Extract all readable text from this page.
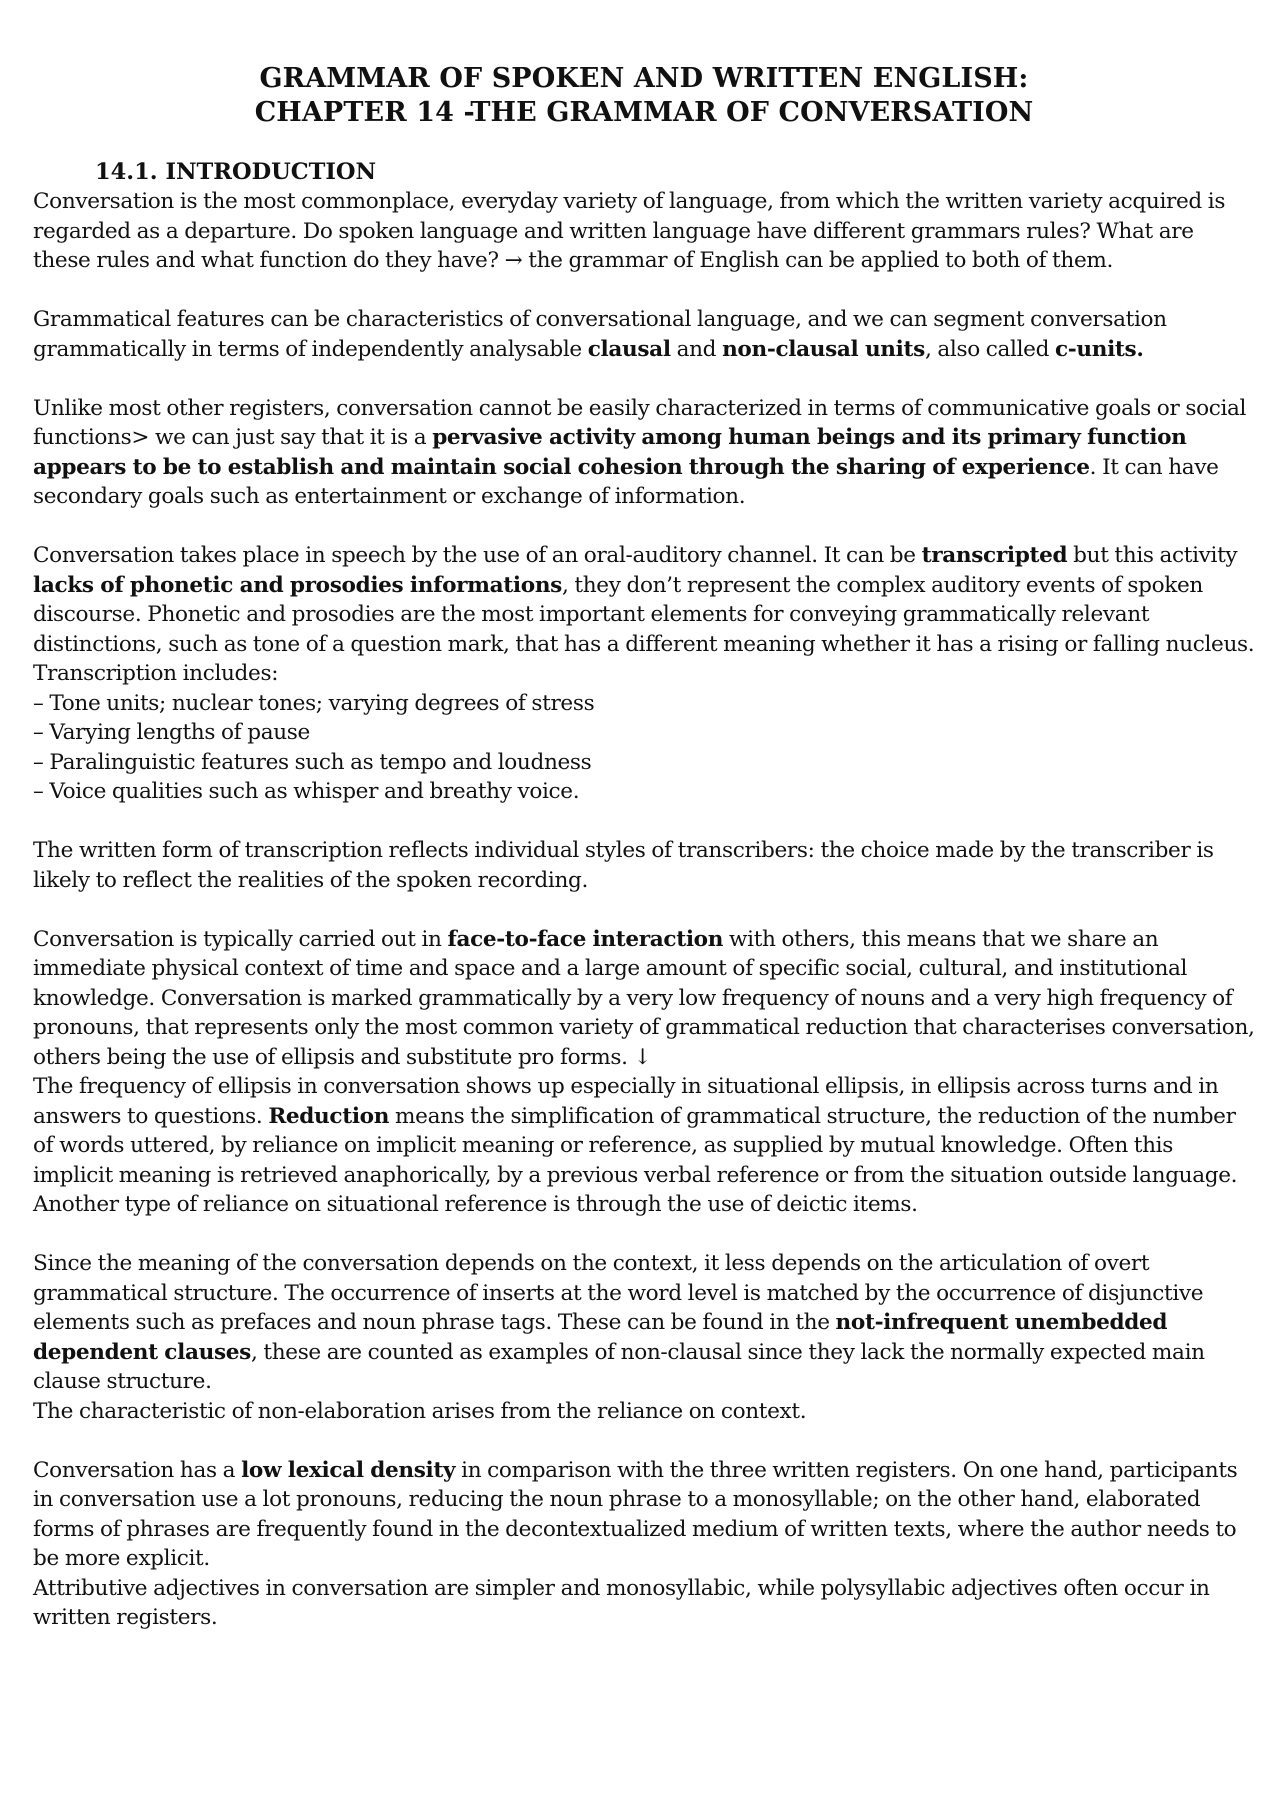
GRAMMAR OF SPOKEN AND WRITTEN ENGLISH:
CHAPTER 14 -THE GRAMMAR OF CONVERSATION
14.1. INTRODUCTION

Conversation is the most commonplace, everyday variety of language, from which the written variety acquired is regarded as a departure. Do spoken language and written language have different grammars rules? What are these rules and what function do they have? → the grammar of English can be applied to both of them.

Grammatical features can be characteristics of conversational language, and we can segment conversation grammatically in terms of independently analysable clausal and non-clausal units, also called c-units.

Unlike most other registers, conversation cannot be easily characterized in terms of communicative goals or social functions> we can just say that it is a pervasive activity among human beings and its primary function appears to be to establish and maintain social cohesion through the sharing of experience. It can have secondary goals such as entertainment or exchange of information.

Conversation takes place in speech by the use of an oral-auditory channel. It can be transcripted but this activity lacks of phonetic and prosodies informations, they don’t represent the complex auditory events of spoken discourse. Phonetic and prosodies are the most important elements for conveying grammatically relevant distinctions, such as tone of a question mark, that has a different meaning whether it has a rising or falling nucleus.

Transcription includes:
– Tone units; nuclear tones; varying degrees of stress
– Varying lengths of pause
– Paralinguistic features such as tempo and loudness
– Voice qualities such as whisper and breathy voice.

The written form of transcription reflects individual styles of transcribers: the choice made by the transcriber is likely to reflect the realities of the spoken recording.

Conversation is typically carried out in face-to-face interaction with others, this means that we share an immediate physical context of time and space and a large amount of specific social, cultural, and institutional knowledge. Conversation is marked grammatically by a very low frequency of nouns and a very high frequency of pronouns, that represents only the most common variety of grammatical reduction that characterises conversation, others being the use of ellipsis and substitute pro forms. ↓

The frequency of ellipsis in conversation shows up especially in situational ellipsis, in ellipsis across turns and in answers to questions. Reduction means the simplification of grammatical structure, the reduction of the number of words uttered, by reliance on implicit meaning or reference, as supplied by mutual knowledge. Often this implicit meaning is retrieved anaphorically, by a previous verbal reference or from the situation outside language. Another type of reliance on situational reference is through the use of deictic items.

Since the meaning of the conversation depends on the context, it less depends on the articulation of overt grammatical structure. The occurrence of inserts at the word level is matched by the occurrence of disjunctive elements such as prefaces and noun phrase tags. These can be found in the not-infrequent unembedded dependent clauses, these are counted as examples of non-clausal since they lack the normally expected main clause structure.

The characteristic of non-elaboration arises from the reliance on context.

Conversation has a low lexical density in comparison with the three written registers. On one hand, participants in conversation use a lot pronouns, reducing the noun phrase to a monosyllable; on the other hand, elaborated forms of phrases are frequently found in the decontextualized medium of written texts, where the author needs to be more explicit.

Attributive adjectives in conversation are simpler and monosyllabic, while polysyllabic adjectives often occur in written registers.
